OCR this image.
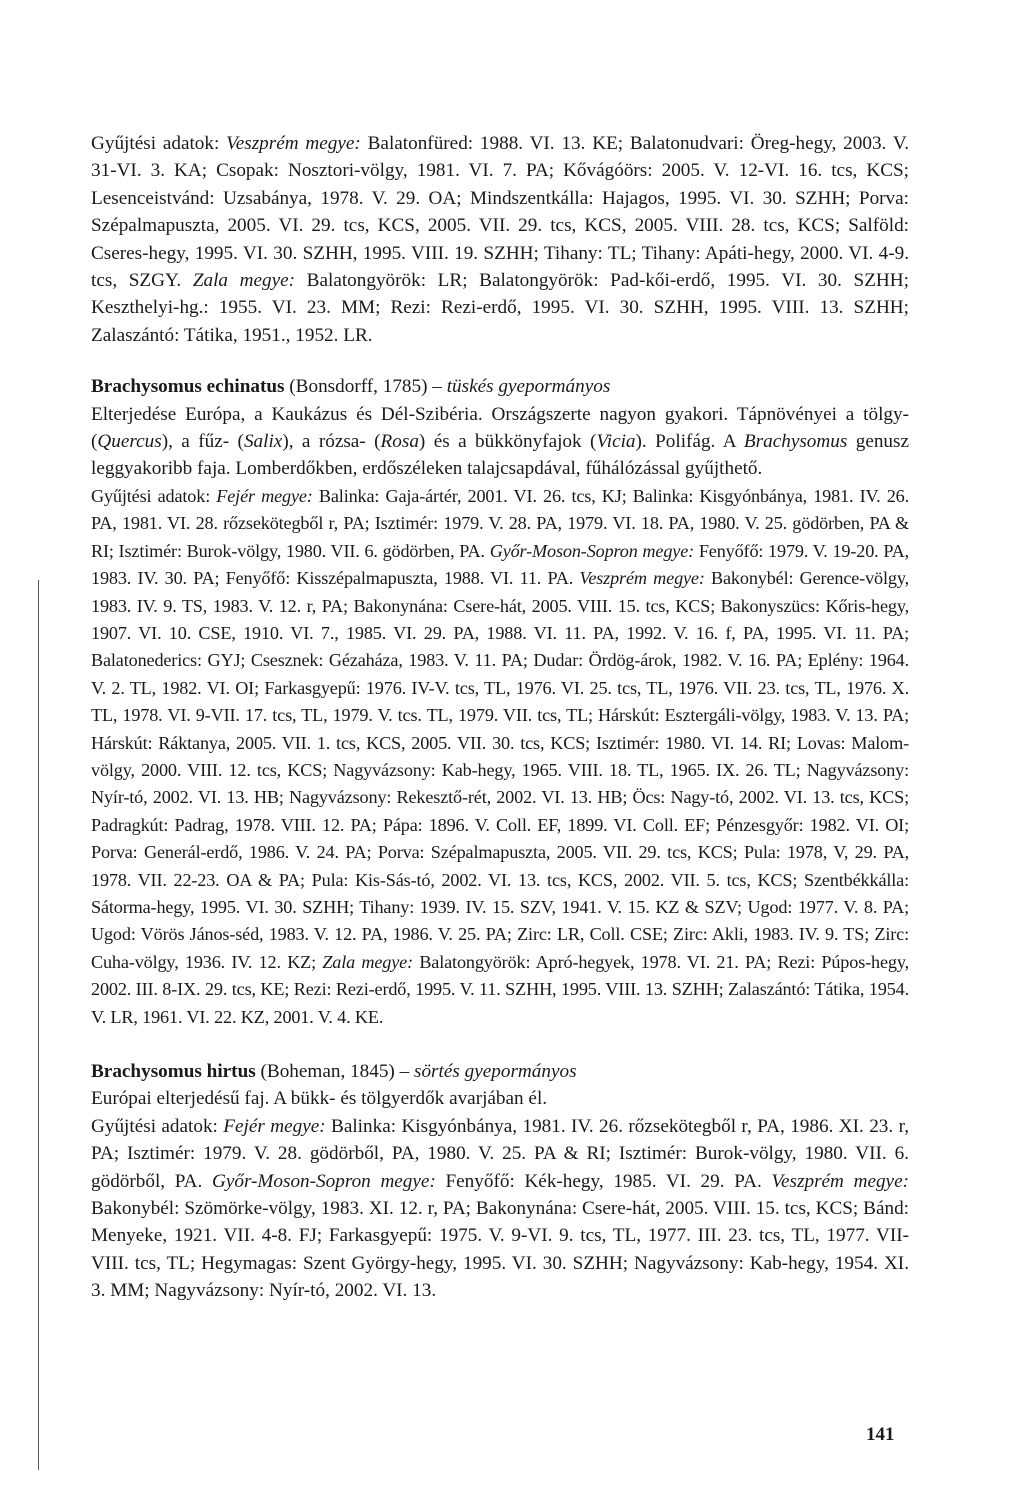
Gyűjtési adatok: Veszprém megye: Balatonfüred: 1988. VI. 13. KE; Balatonudvari: Öreg-hegy, 2003. V. 31-VI. 3. KA; Csopak: Nosztori-völgy, 1981. VI. 7. PA; Kővágóörs: 2005. V. 12-VI. 16. tcs, KCS; Lesenceistvánd: Uzsabánya, 1978. V. 29. OA; Mindszentkálla: Hajagos, 1995. VI. 30. SZHH; Porva: Szépalmapuszta, 2005. VI. 29. tcs, KCS, 2005. VII. 29. tcs, KCS, 2005. VIII. 28. tcs, KCS; Salföld: Cseres-hegy, 1995. VI. 30. SZHH, 1995. VIII. 19. SZHH; Tihany: TL; Tihany: Apáti-hegy, 2000. VI. 4-9. tcs, SZGY. Zala megye: Balatongyörök: LR; Balatongyörök: Pad-kői-erdő, 1995. VI. 30. SZHH; Keszthelyi-hg.: 1955. VI. 23. MM; Rezi: Rezi-erdő, 1995. VI. 30. SZHH, 1995. VIII. 13. SZHH; Zalaszántó: Tátika, 1951., 1952. LR.

Brachysomus echinatus (Bonsdorff, 1785) – tüskés gyepormányos

Elterjedése Európa, a Kaukázus és Dél-Szibéria. Országszerte nagyon gyakori. Tápnövényei a tölgy- (Quercus), a fűz- (Salix), a rózsa- (Rosa) és a bükkönyfajok (Vicia). Polifág. A Brachysomus genusz leggyakoribb faja. Lomberdőkben, erdőszéleken talajcsapdával, fűhálózással gyűjthető.

Gyűjtési adatok: Fejér megye: Balinka: Gaja-ártér, 2001. VI. 26. tcs, KJ; Balinka: Kisgyónbánya, 1981. IV. 26. PA, 1981. VI. 28. rőzsekötegből r, PA; Isztimér: 1979. V. 28. PA, 1979. VI. 18. PA, 1980. V. 25. gödörben, PA & RI; Isztimér: Burok-völgy, 1980. VII. 6. gödörben, PA. Győr-Moson-Sopron megye: Fenyőfő: 1979. V. 19-20. PA, 1983. IV. 30. PA; Fenyőfő: Kisszépalmapuszta, 1988. VI. 11. PA. Veszprém megye: Bakonybél: Gerence-völgy, 1983. IV. 9. TS, 1983. V. 12. r, PA; Bakonynána: Csere-hát, 2005. VIII. 15. tcs, KCS; Bakonyszücs: Kőris-hegy, 1907. VI. 10. CSE, 1910. VI. 7., 1985. VI. 29. PA, 1988. VI. 11. PA, 1992. V. 16. f, PA, 1995. VI. 11. PA; Balatonederics: GYJ; Csesznek: Gézaháza, 1983. V. 11. PA; Dudar: Ördög-árok, 1982. V. 16. PA; Eplény: 1964. V. 2. TL, 1982. VI. OI; Farkasgyepű: 1976. IV-V. tcs, TL, 1976. VI. 25. tcs, TL, 1976. VII. 23. tcs, TL, 1976. X. TL, 1978. VI. 9-VII. 17. tcs, TL, 1979. V. tcs. TL, 1979. VII. tcs, TL; Hárskút: Esztergáli-völgy, 1983. V. 13. PA; Hárskút: Ráktanya, 2005. VII. 1. tcs, KCS, 2005. VII. 30. tcs, KCS; Isztimér: 1980. VI. 14. RI; Lovas: Malom-völgy, 2000. VIII. 12. tcs, KCS; Nagyvázsony: Kab-hegy, 1965. VIII. 18. TL, 1965. IX. 26. TL; Nagyvázsony: Nyír-tó, 2002. VI. 13. HB; Nagyvázsony: Rekesztő-rét, 2002. VI. 13. HB; Öcs: Nagy-tó, 2002. VI. 13. tcs, KCS; Padragkút: Padrag, 1978. VIII. 12. PA; Pápa: 1896. V. Coll. EF, 1899. VI. Coll. EF; Pénzesgyőr: 1982. VI. OI; Porva: Generál-erdő, 1986. V. 24. PA; Porva: Szépalmapuszta, 2005. VII. 29. tcs, KCS; Pula: 1978, V, 29. PA, 1978. VII. 22-23. OA & PA; Pula: Kis-Sás-tó, 2002. VI. 13. tcs, KCS, 2002. VII. 5. tcs, KCS; Szentbékkálla: Sátorma-hegy, 1995. VI. 30. SZHH; Tihany: 1939. IV. 15. SZV, 1941. V. 15. KZ & SZV; Ugod: 1977. V. 8. PA; Ugod: Vörös János-séd, 1983. V. 12. PA, 1986. V. 25. PA; Zirc: LR, Coll. CSE; Zirc: Akli, 1983. IV. 9. TS; Zirc: Cuha-völgy, 1936. IV. 12. KZ; Zala megye: Balatongyörök: Apró-hegyek, 1978. VI. 21. PA; Rezi: Púpos-hegy, 2002. III. 8-IX. 29. tcs, KE; Rezi: Rezi-erdő, 1995. V. 11. SZHH, 1995. VIII. 13. SZHH; Zalaszántó: Tátika, 1954. V. LR, 1961. VI. 22. KZ, 2001. V. 4. KE.

Brachysomus hirtus (Boheman, 1845) – sörtés gyepormányos

Európai elterjedésű faj. A bükk- és tölgyerdők avarjában él.

Gyűjtési adatok: Fejér megye: Balinka: Kisgyónbánya, 1981. IV. 26. rőzsekötegből r, PA, 1986. XI. 23. r, PA; Isztimér: 1979. V. 28. gödörből, PA, 1980. V. 25. PA & RI; Isztimér: Burok-völgy, 1980. VII. 6. gödörből, PA. Győr-Moson-Sopron megye: Fenyőfő: Kék-hegy, 1985. VI. 29. PA. Veszprém megye: Bakonybél: Szömörke-völgy, 1983. XI. 12. r, PA; Bakonynána: Csere-hát, 2005. VIII. 15. tcs, KCS; Bánd: Menyeke, 1921. VII. 4-8. FJ; Farkasgyepű: 1975. V. 9-VI. 9. tcs, TL, 1977. III. 23. tcs, TL, 1977. VII-VIII. tcs, TL; Hegymagas: Szent György-hegy, 1995. VI. 30. SZHH; Nagyvázsony: Kab-hegy, 1954. XI. 3. MM; Nagyvázsony: Nyír-tó, 2002. VI. 13.

141
